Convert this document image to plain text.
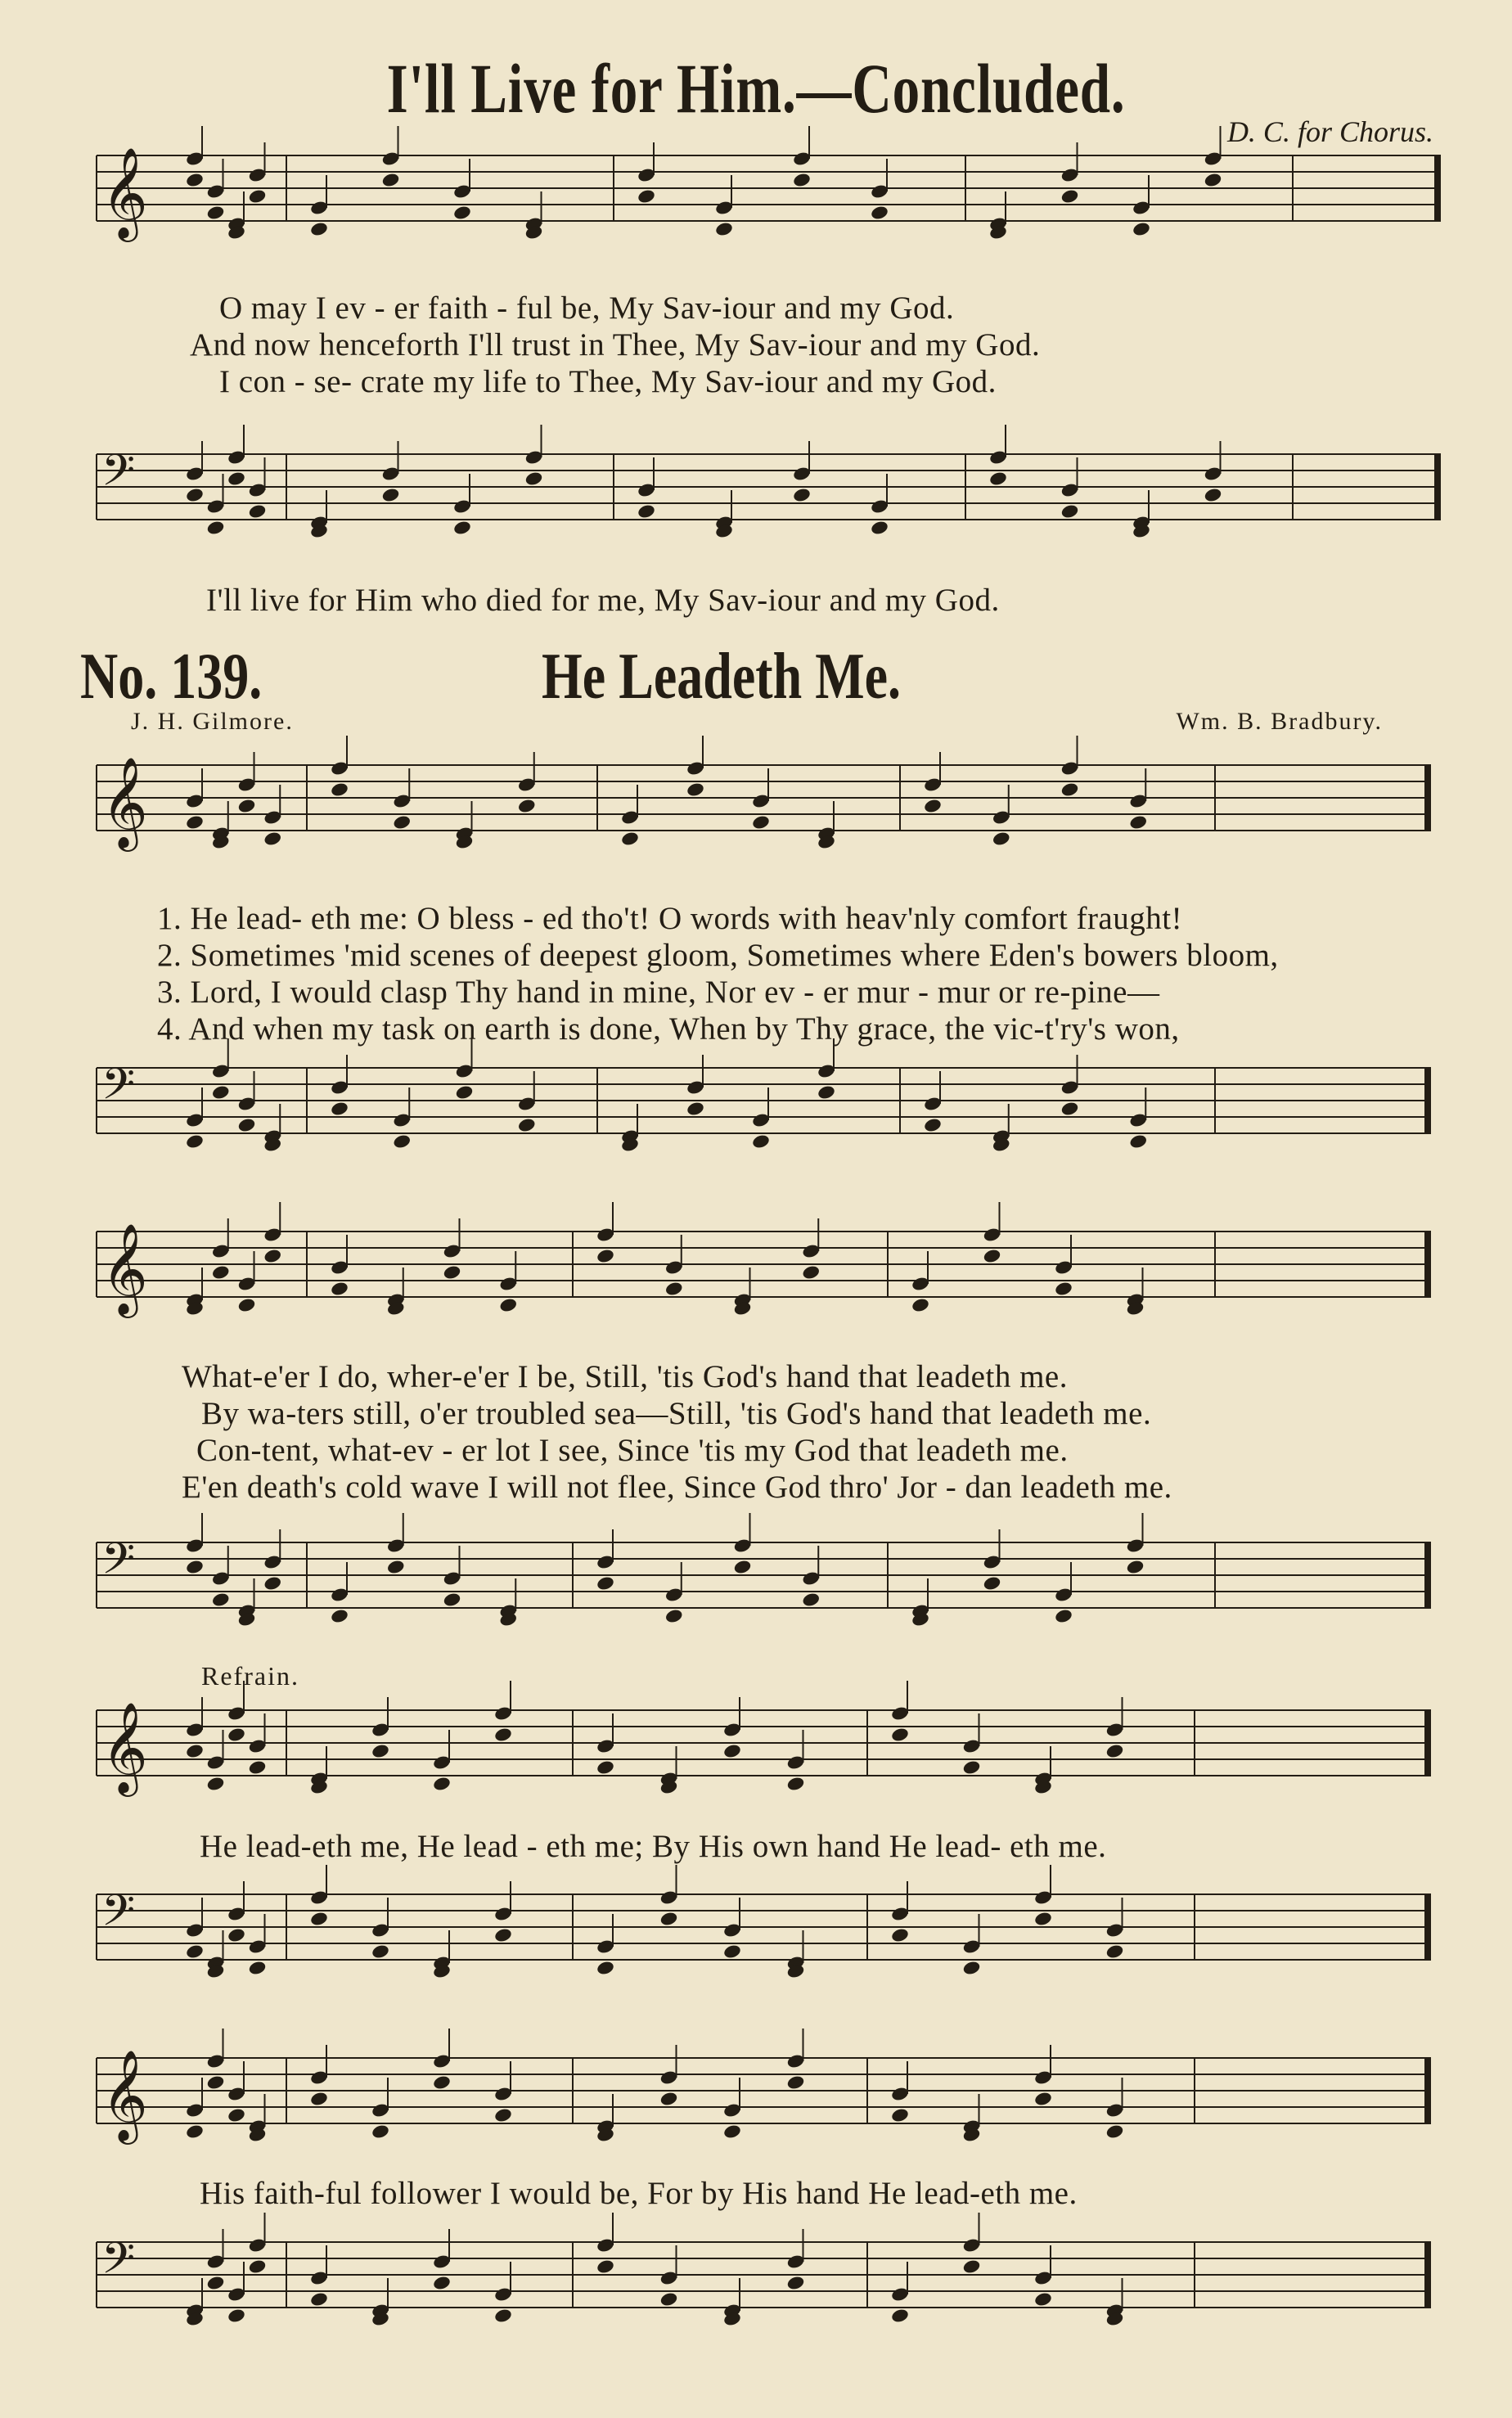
I'll Live for Him.—Concluded.
D. C. for Chorus.
𝄞
𝄢
𝄞
𝄢
𝄞
𝄢
𝄞
𝄢
𝄞
𝄢
O may I ev - er faith - ful be, My Sav-iour and my God.
And now henceforth I'll trust in Thee, My Sav-iour and my God.
I con - se- crate my life to Thee, My Sav-iour and my God.
I'll live for Him who died for me, My Sav-iour and my God.
No. 139.	He Leadeth Me.
J. H. Gilmore.	Wm. B. Bradbury.
1. He lead- eth me: O bless - ed tho't! O words with heav'nly comfort fraught!
2. Sometimes 'mid scenes of deepest gloom, Sometimes where Eden's bowers bloom,
3. Lord, I would clasp Thy hand in mine, Nor ev - er mur - mur or re-pine—
4. And when my task on earth is done, When by Thy grace, the vic-t'ry's won,
What-e'er I do, wher-e'er I be, Still, 'tis God's hand that leadeth me.
By wa-ters still, o'er troubled sea—Still, 'tis God's hand that leadeth me.
Con-tent, what-ev - er lot I see, Since 'tis my God that leadeth me.
E'en death's cold wave I will not flee, Since God thro' Jor - dan leadeth me.
Refrain.
He lead-eth me, He lead - eth me; By His own hand He lead- eth me.
His faith-ful follower I would be, For by His hand He lead-eth me.
